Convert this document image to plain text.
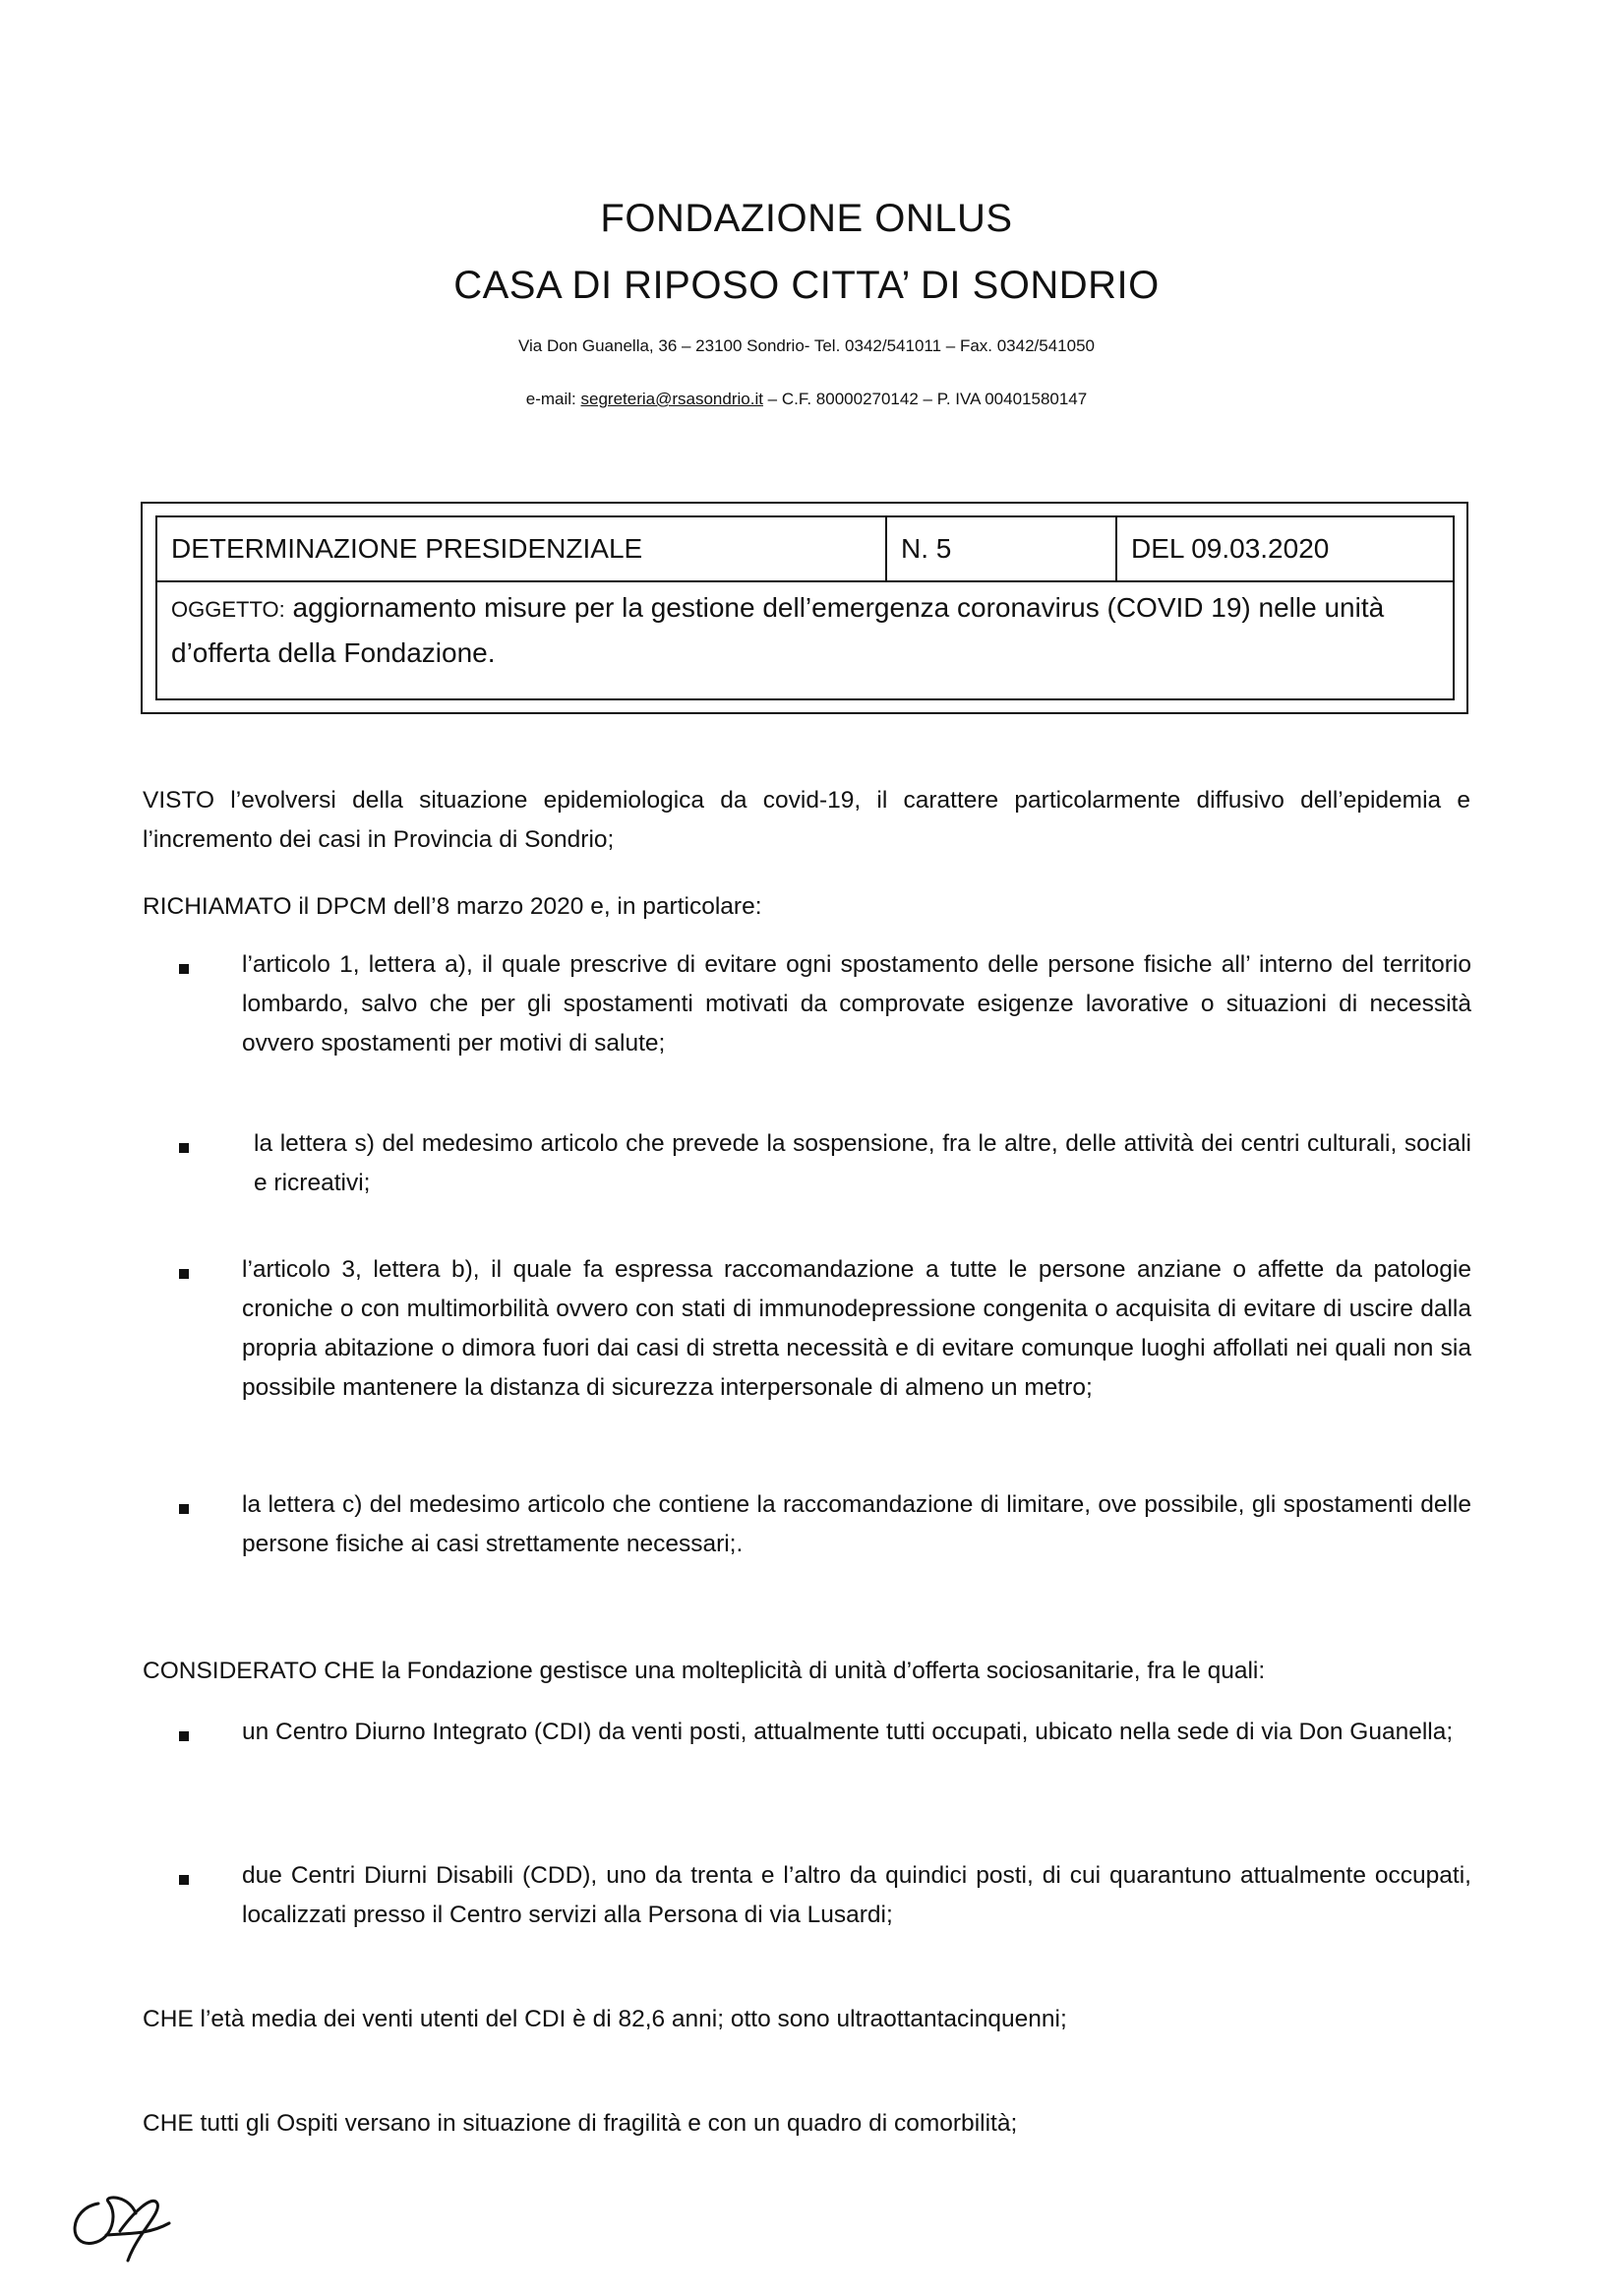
FONDAZIONE ONLUS
CASA DI RIPOSO CITTA’ DI SONDRIO
Via Don Guanella, 36 – 23100 Sondrio- Tel. 0342/541011 – Fax. 0342/541050
e-mail: segreteria@rsasondrio.it – C.F. 80000270142 – P. IVA 00401580147
DETERMINAZIONE PRESIDENZIALE	N. 5	DEL 09.03.2020
OGGETTO: aggiornamento misure per la gestione dell’emergenza coronavirus (COVID 19) nelle unità d’offerta della Fondazione.
VISTO l’evolversi della situazione epidemiologica da covid-19, il carattere particolarmente diffusivo dell’epidemia e l’incremento dei casi in Provincia di Sondrio;
RICHIAMATO il DPCM dell’8 marzo 2020 e, in particolare:
l’articolo 1, lettera a), il quale prescrive di evitare ogni spostamento delle persone fisiche all’ interno del territorio lombardo, salvo che per gli spostamenti motivati da comprovate esigenze lavorative o situazioni di necessità ovvero spostamenti per motivi di salute;
la lettera s) del medesimo articolo che prevede la sospensione, fra le altre, delle attività dei centri culturali, sociali e ricreativi;
l’articolo 3, lettera b), il quale fa espressa raccomandazione a tutte le persone anziane o affette da patologie croniche o con multimorbilità ovvero con stati di immunodepressione congenita o acquisita di evitare di uscire dalla propria abitazione o dimora fuori dai casi di stretta necessità e di evitare comunque luoghi affollati nei quali non sia possibile mantenere la distanza di sicurezza interpersonale di almeno un metro;
la lettera c) del medesimo articolo che contiene la raccomandazione di limitare, ove possibile, gli spostamenti delle persone fisiche ai casi strettamente necessari;.
CONSIDERATO CHE la Fondazione gestisce una molteplicità di unità d’offerta sociosanitarie, fra le quali:
un Centro Diurno Integrato (CDI) da venti posti, attualmente tutti occupati, ubicato nella sede di via Don Guanella;
due Centri Diurni Disabili (CDD), uno da trenta e l’altro da quindici posti, di cui quarantuno attualmente occupati, localizzati presso il Centro servizi alla Persona di via Lusardi;
CHE l’età media dei venti utenti del CDI è di 82,6 anni; otto sono ultraottantacinquenni;
CHE tutti gli Ospiti versano in situazione di fragilità e con un quadro di comorbilità;
